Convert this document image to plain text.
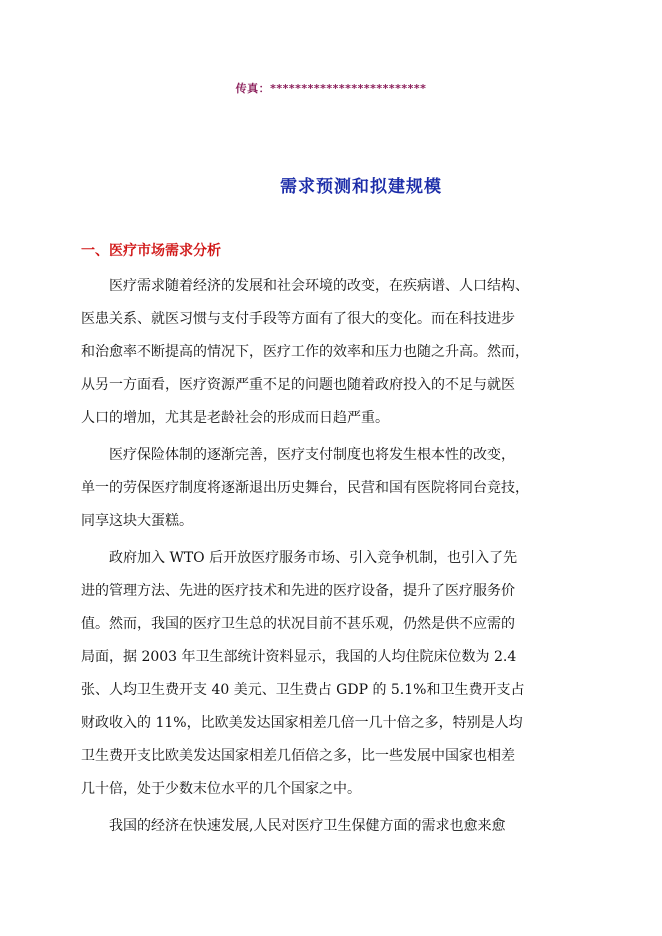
传真：*************************
需求预测和拟建规模
一、医疗市场需求分析
医疗需求随着经济的发展和社会环境的改变，在疾病谱、人口结构、
医患关系、就医习惯与支付手段等方面有了很大的变化。而在科技进步
和治愈率不断提高的情况下，医疗工作的效率和压力也随之升高。然而，
从另一方面看，医疗资源严重不足的问题也随着政府投入的不足与就医
人口的增加，尤其是老龄社会的形成而日趋严重。
医疗保险体制的逐渐完善，医疗支付制度也将发生根本性的改变，
单一的劳保医疗制度将逐渐退出历史舞台，民营和国有医院将同台竞技，
同享这块大蛋糕。
政府加入 WTO 后开放医疗服务市场、引入竞争机制，也引入了先
进的管理方法、先进的医疗技术和先进的医疗设备，提升了医疗服务价
值。然而，我国的医疗卫生总的状况目前不甚乐观，仍然是供不应需的
局面，据 2003 年卫生部统计资料显示，我国的人均住院床位数为 2.4
张、人均卫生费开支 40 美元、卫生费占 GDP 的 5.1%和卫生费开支占
财政收入的 11%，比欧美发达国家相差几倍一几十倍之多，特别是人均
卫生费开支比欧美发达国家相差几佰倍之多，比一些发展中国家也相差
几十倍，处于少数末位水平的几个国家之中。
我国的经济在快速发展,人民对医疗卫生保健方面的需求也愈来愈
